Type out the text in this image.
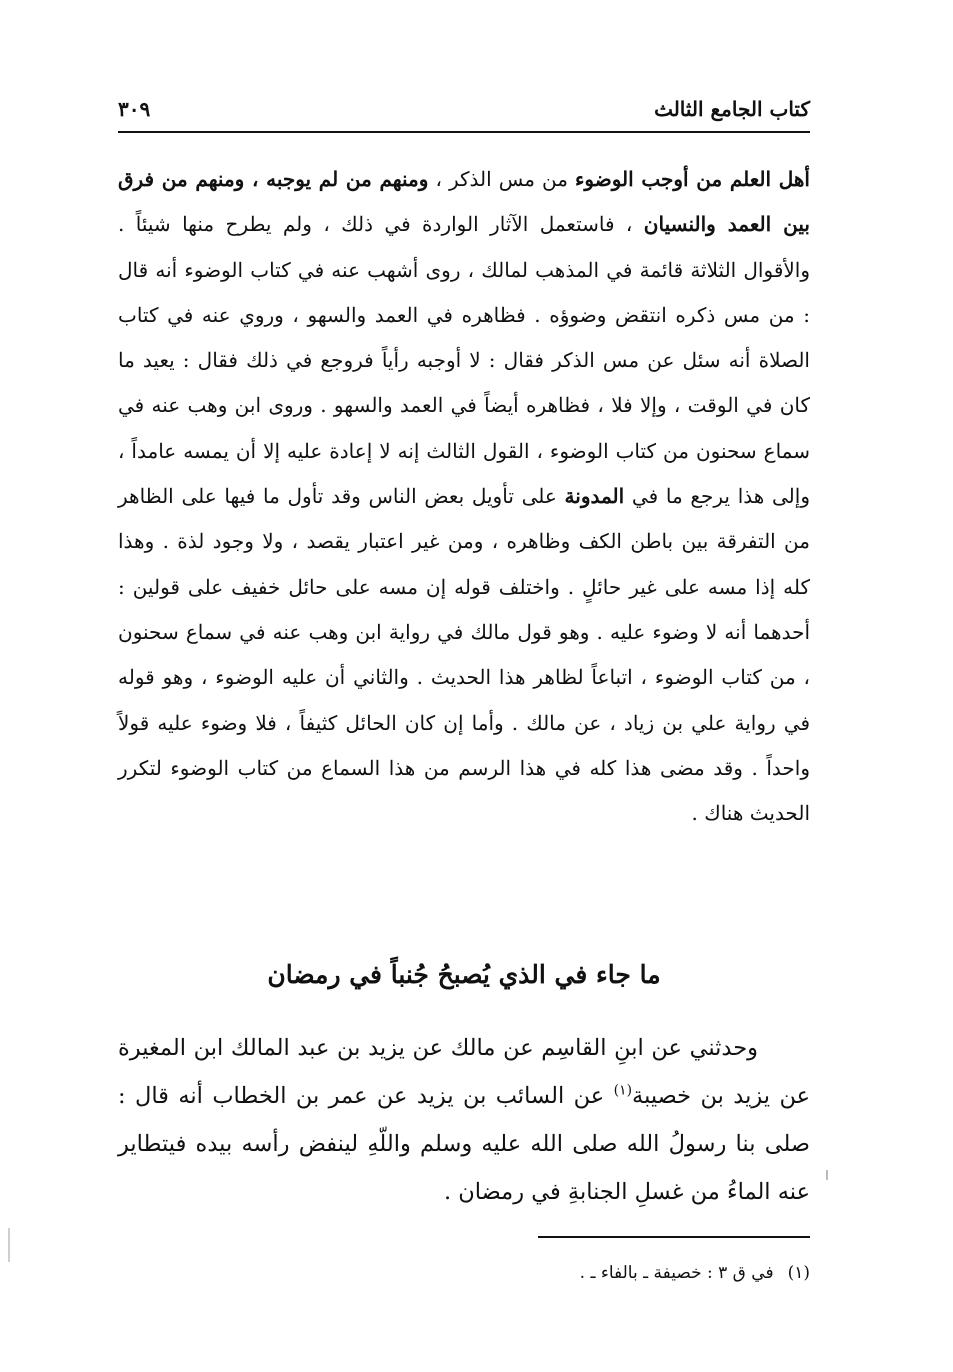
كتاب الجامع الثالث
٣٠٩

أهل العلم من أوجب الوضوء من مس الذكر ، ومنهم من لم يوجبه ، ومنهم من فرق بين العمد والنسيان ، فاستعمل الآثار الواردة في ذلك ، ولم يطرح منها شيئاً . والأقوال الثلاثة قائمة في المذهب لمالك ، روى أشهب عنه في كتاب الوضوء أنه قال : من مس ذكره انتقض وضوؤه . فظاهره في العمد والسهو ، وروي عنه في كتاب الصلاة أنه سئل عن مس الذكر فقال : لا أوجبه رأياً فروجع في ذلك فقال : يعيد ما كان في الوقت ، وإلا فلا ، فظاهره أيضاً في العمد والسهو . وروى ابن وهب عنه في سماع سحنون من كتاب الوضوء ، القول الثالث إنه لا إعادة عليه إلا أن يمسه عامداً ، وإلى هذا يرجع ما في المدونة على تأويل بعض الناس وقد تأول ما فيها على الظاهر من التفرقة بين باطن الكف وظاهره ، ومن غير اعتبار يقصد ، ولا وجود لذة . وهذا كله إذا مسه على غير حائلٍ . واختلف قوله إن مسه على حائل خفيف على قولين : أحدهما أنه لا وضوء عليه . وهو قول مالك في رواية ابن وهب عنه في سماع سحنون ، من كتاب الوضوء ، اتباعاً لظاهر هذا الحديث . والثاني أن عليه الوضوء ، وهو قوله في رواية علي بن زياد ، عن مالك . وأما إن كان الحائل كثيفاً ، فلا وضوء عليه قولاً واحداً . وقد مضى هذا كله في هذا الرسم من هذا السماع من كتاب الوضوء لتكرر الحديث هناك .

ما جاء في الذي يُصبحُ جُنباً في رمضان

وحدثني عن ابنِ القاسِم عن مالك عن يزيد بن عبد المالك ابن المغيرة عن يزيد بن خصيبة$^{(١)}$ عن السائب بن يزيد عن عمر بن الخطاب أنه قال : صلى بنا رسولُ الله صلى الله عليه وسلم واللّهِ لينفض رأسه بيده فيتطاير عنه الماءُ من غسلِ الجنابةِ في رمضان .

(١)في ق ٣ : خصيفة ـ بالفاء ـ .
